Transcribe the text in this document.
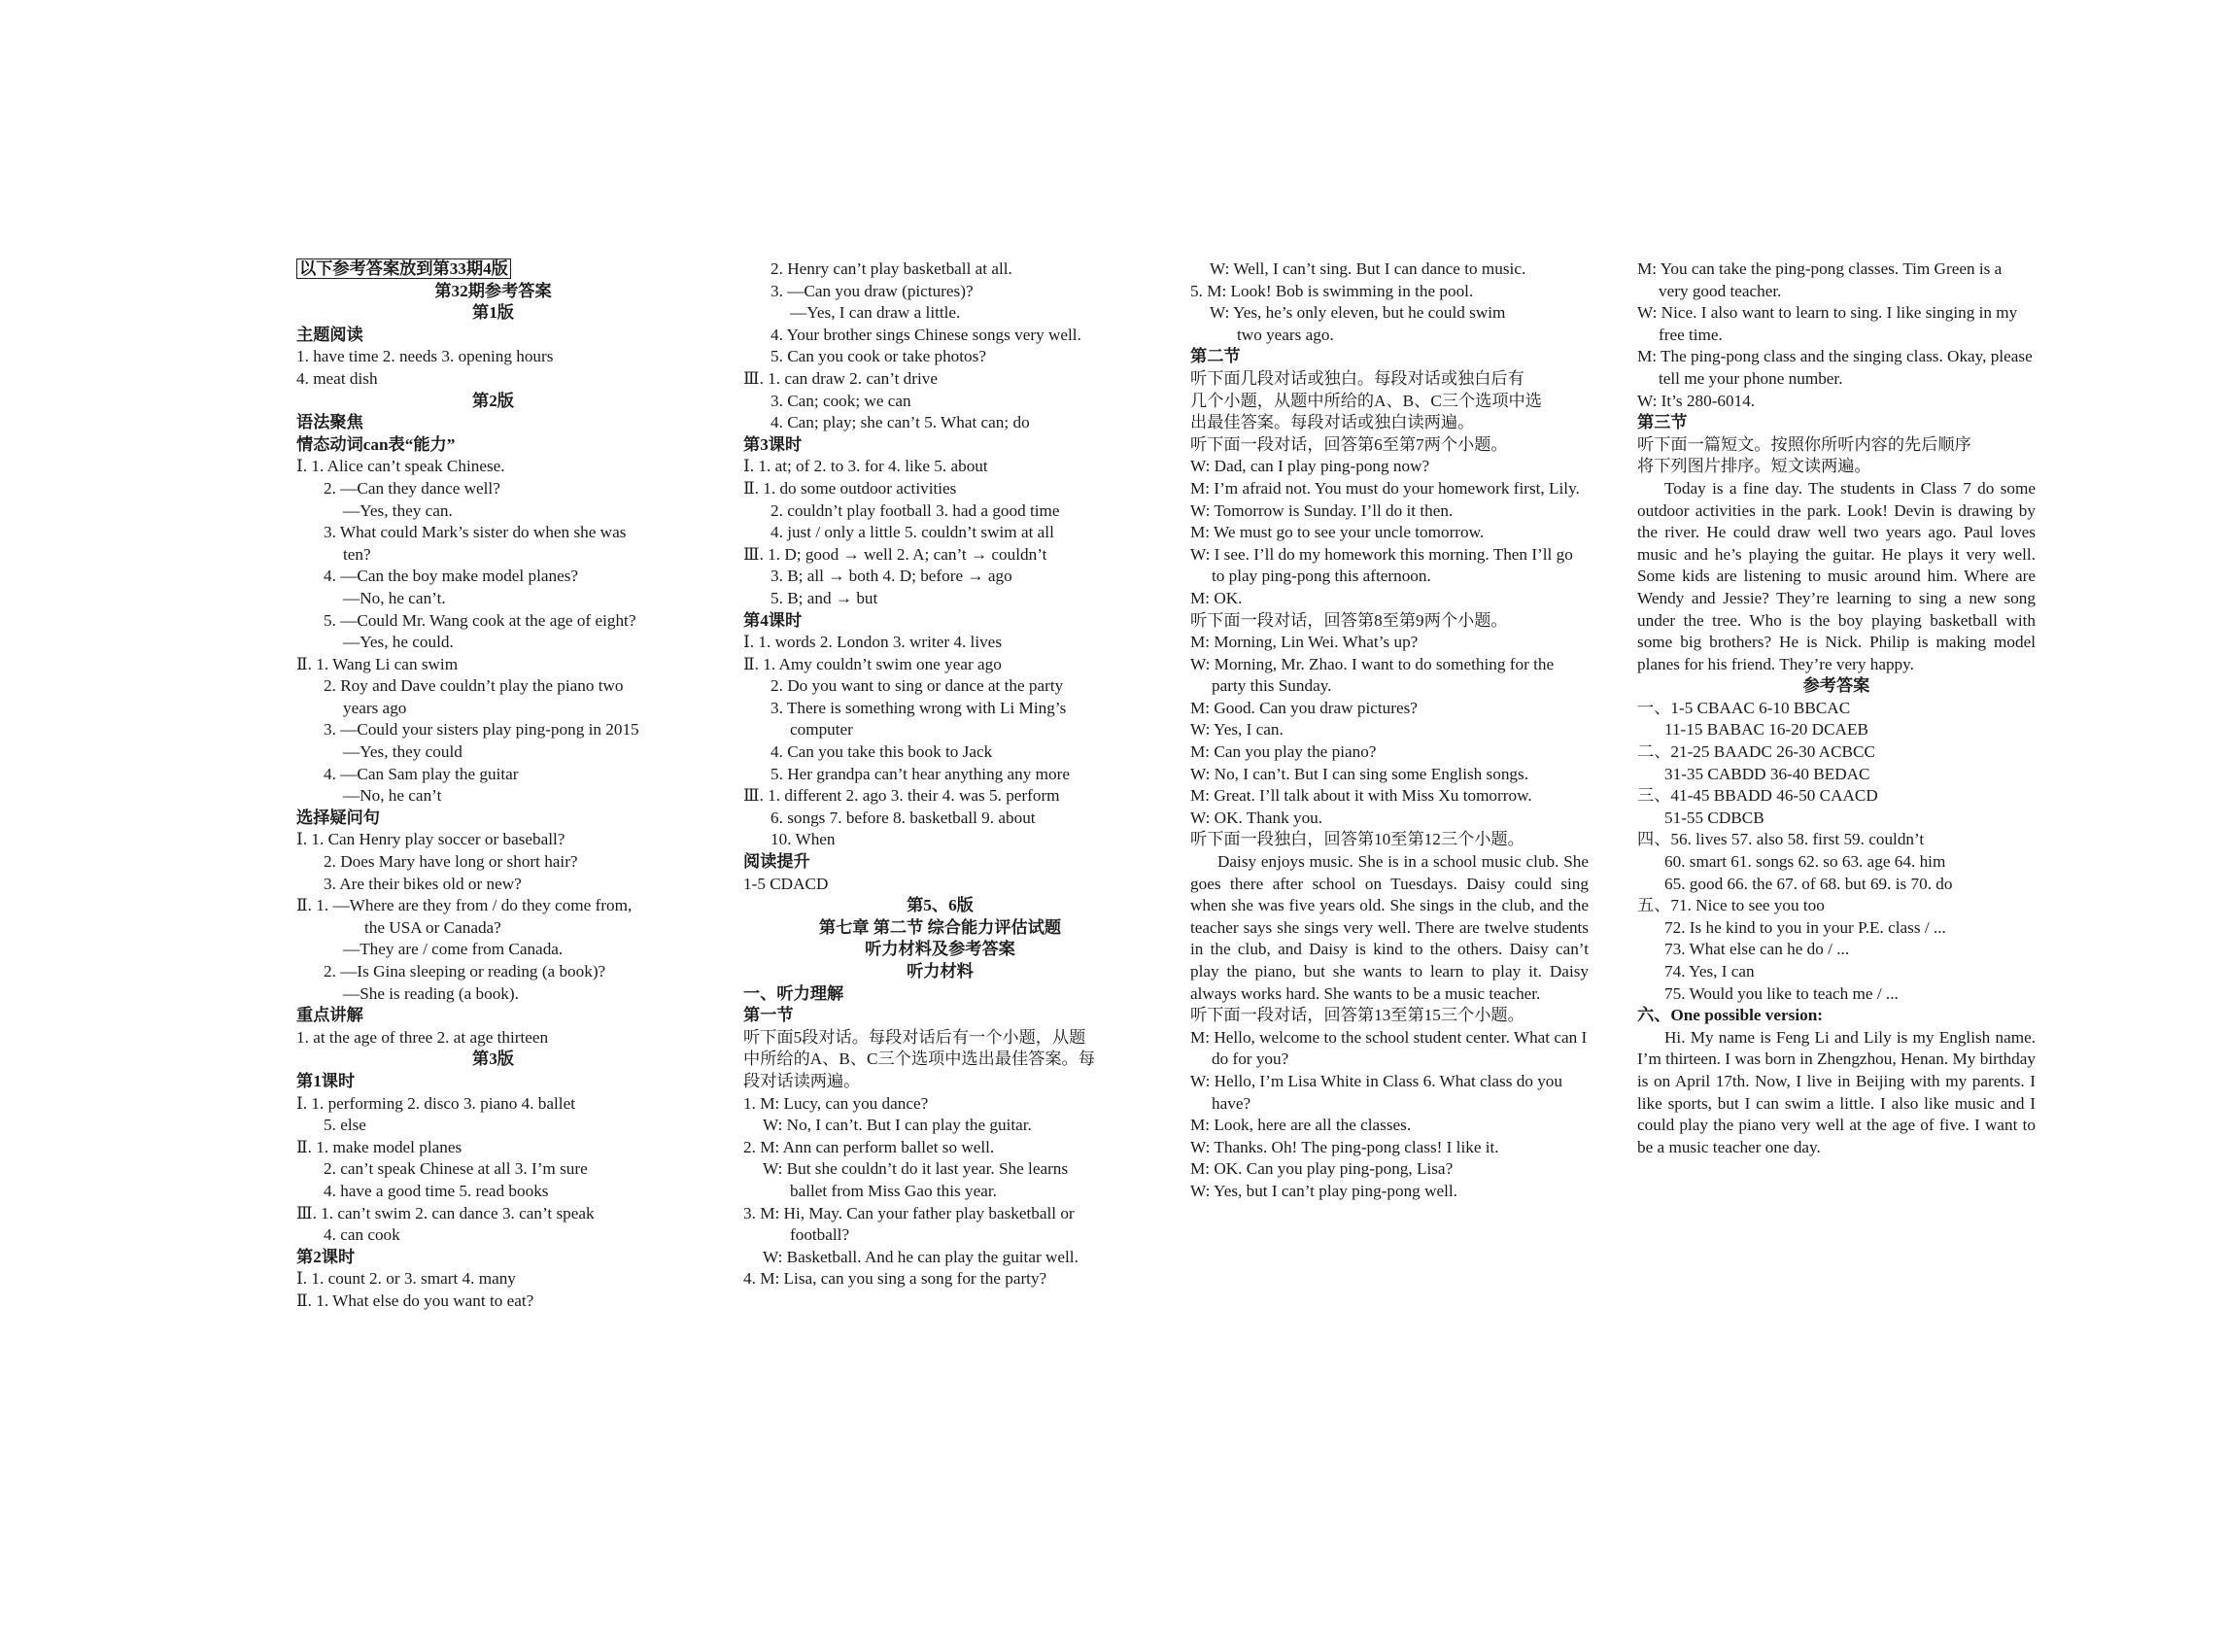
以下参考答案放到第33期4版
第32期参考答案
第1版
主题阅读
1. have time 2. needs 3. opening hours
4. meat dish
第2版
语法聚焦
情态动词can表“能力”
Ⅰ. 1. Alice can’t speak Chinese.
2. —Can they dance well?
—Yes, they can.
3. What could Mark’s sister do when she was
ten?
4. —Can the boy make model planes?
—No, he can’t.
5. —Could Mr. Wang cook at the age of eight?
—Yes, he could.
Ⅱ. 1. Wang Li can swim
2. Roy and Dave couldn’t play the piano two
years ago
3. —Could your sisters play ping-pong in 2015
—Yes, they could
4. —Can Sam play the guitar
—No, he can’t
选择疑问句
Ⅰ. 1. Can Henry play soccer or baseball?
2. Does Mary have long or short hair?
3. Are their bikes old or new?
Ⅱ. 1. —Where are they from / do they come from,
the USA or Canada?
—They are / come from Canada.
2. —Is Gina sleeping or reading (a book)?
—She is reading (a book).
重点讲解
1. at the age of three 2. at age thirteen
第3版
第1课时
Ⅰ. 1. performing 2. disco 3. piano 4. ballet
5. else
Ⅱ. 1. make model planes
2. can’t speak Chinese at all 3. I’m sure
4. have a good time 5. read books
Ⅲ. 1. can’t swim 2. can dance 3. can’t speak
4. can cook
第2课时
Ⅰ. 1. count 2. or 3. smart 4. many
Ⅱ. 1. What else do you want to eat?
2. Henry can’t play basketball at all.
3. —Can you draw (pictures)?
—Yes, I can draw a little.
4. Your brother sings Chinese songs very well.
5. Can you cook or take photos?
Ⅲ. 1. can draw 2. can’t drive
3. Can; cook; we can
4. Can; play; she can’t 5. What can; do
第3课时
Ⅰ. 1. at; of 2. to 3. for 4. like 5. about
Ⅱ. 1. do some outdoor activities
2. couldn’t play football 3. had a good time
4. just / only a little 5. couldn’t swim at all
Ⅲ. 1. D; good → well 2. A; can’t → couldn’t
3. B; all → both 4. D; before → ago
5. B; and → but
第4课时
Ⅰ. 1. words 2. London 3. writer 4. lives
Ⅱ. 1. Amy couldn’t swim one year ago
2. Do you want to sing or dance at the party
3. There is something wrong with Li Ming’s
computer
4. Can you take this book to Jack
5. Her grandpa can’t hear anything any more
Ⅲ. 1. different 2. ago 3. their 4. was 5. perform
6. songs 7. before 8. basketball 9. about
10. When
阅读提升
1-5 CDACD
第5、6版
第七章 第二节 综合能力评估试题
听力材料及参考答案
听力材料
一、听力理解
第一节
听下面5段对话。每段对话后有一个小题，从题
中所给的A、B、C三个选项中选出最佳答案。每
段对话读两遍。
1. M: Lucy, can you dance?
W: No, I can’t. But I can play the guitar.
2. M: Ann can perform ballet so well.
W: But she couldn’t do it last year. She learns
ballet from Miss Gao this year.
3. M: Hi, May. Can your father play basketball or
football?
W: Basketball. And he can play the guitar well.
4. M: Lisa, can you sing a song for the party?
W: Well, I can’t sing. But I can dance to music.
5. M: Look! Bob is swimming in the pool.
W: Yes, he’s only eleven, but he could swim
two years ago.
第二节
听下面几段对话或独白。每段对话或独白后有
几个小题，从题中所给的A、B、C三个选项中选
出最佳答案。每段对话或独白读两遍。
听下面一段对话，回答第6至第7两个小题。
W: Dad, can I play ping-pong now?
M: I’m afraid not. You must do your homework first, Lily.
W: Tomorrow is Sunday. I’ll do it then.
M: We must go to see your uncle tomorrow.
W: I see. I’ll do my homework this morning. Then I’ll go to play ping-pong this afternoon.
M: OK.
听下面一段对话，回答第8至第9两个小题。
M: Morning, Lin Wei. What’s up?
W: Morning, Mr. Zhao. I want to do something for the party this Sunday.
M: Good. Can you draw pictures?
W: Yes, I can.
M: Can you play the piano?
W: No, I can’t. But I can sing some English songs.
M: Great. I’ll talk about it with Miss Xu tomorrow.
W: OK. Thank you.
听下面一段独白，回答第10至第12三个小题。
Daisy enjoys music. She is in a school music club. She goes there after school on Tuesdays. Daisy could sing when she was five years old. She sings in the club, and the teacher says she sings very well. There are twelve students in the club, and Daisy is kind to the others. Daisy can’t play the piano, but she wants to learn to play it. Daisy always works hard. She wants to be a music teacher.
听下面一段对话，回答第13至第15三个小题。
M: Hello, welcome to the school student center. What can I do for you?
W: Hello, I’m Lisa White in Class 6. What class do you have?
M: Look, here are all the classes.
W: Thanks. Oh! The ping-pong class! I like it.
M: OK. Can you play ping-pong, Lisa?
W: Yes, but I can’t play ping-pong well.
M: You can take the ping-pong classes. Tim Green is a very good teacher.
W: Nice. I also want to learn to sing. I like singing in my free time.
M: The ping-pong class and the singing class. Okay, please tell me your phone number.
W: It’s 280-6014.
第三节
听下面一篇短文。按照你所听内容的先后顺序
将下列图片排序。短文读两遍。
Today is a fine day. The students in Class 7 do some outdoor activities in the park. Look! Devin is drawing by the river. He could draw well two years ago. Paul loves music and he’s playing the guitar. He plays it very well. Some kids are listening to music around him. Where are Wendy and Jessie? They’re learning to sing a new song under the tree. Who is the boy playing basketball with some big brothers? He is Nick. Philip is making model planes for his friend. They’re very happy.
参考答案
一、1-5 CBAAC 6-10 BBCAC
11-15 BABAC 16-20 DCAEB
二、21-25 BAADC 26-30 ACBCC
31-35 CABDD 36-40 BEDAC
三、41-45 BBADD 46-50 CAACD
51-55 CDBCB
四、56. lives 57. also 58. first 59. couldn’t
60. smart 61. songs 62. so 63. age 64. him
65. good 66. the 67. of 68. but 69. is 70. do
五、71. Nice to see you too
72. Is he kind to you in your P.E. class / ...
73. What else can he do / ...
74. Yes, I can
75. Would you like to teach me / ...
六、One possible version:
Hi. My name is Feng Li and Lily is my English name. I’m thirteen. I was born in Zhengzhou, Henan. My birthday is on April 17th. Now, I live in Beijing with my parents. I like sports, but I can swim a little. I also like music and I could play the piano very well at the age of five. I want to be a music teacher one day.
